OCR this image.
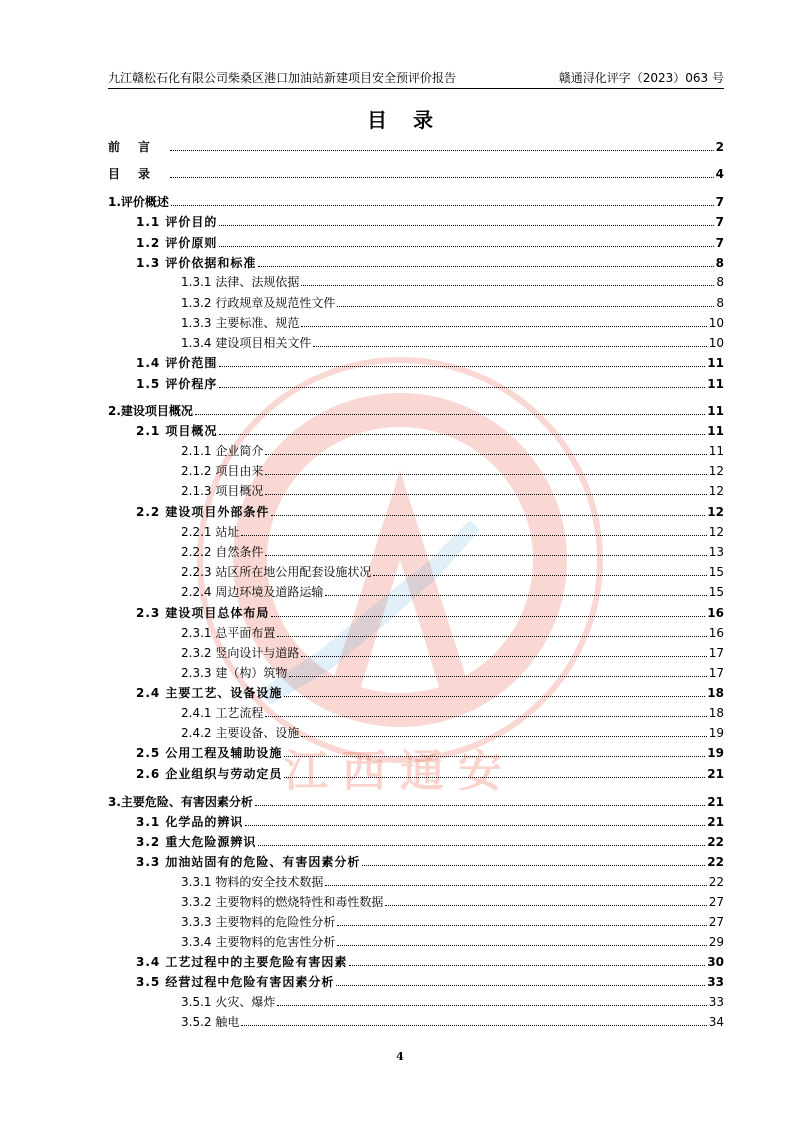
江西通安
九江赣松石化有限公司柴桑区港口加油站新建项目安全预评价报告	赣通浔化评字（2023）063 号
目录
前言	2
目录	4
1.评价概述	7
1.1 评价目的	7
1.2 评价原则	7
1.3 评价依据和标准	8
1.3.1 法律、法规依据	8
1.3.2 行政规章及规范性文件	8
1.3.3 主要标准、规范	10
1.3.4 建设项目相关文件	10
1.4 评价范围	11
1.5 评价程序	11
2.建设项目概况	11
2.1 项目概况	11
2.1.1 企业简介	11
2.1.2 项目由来	12
2.1.3 项目概况	12
2.2 建设项目外部条件	12
2.2.1 站址	12
2.2.2 自然条件	13
2.2.3 站区所在地公用配套设施状况	15
2.2.4 周边环境及道路运输	15
2.3 建设项目总体布局	16
2.3.1 总平面布置	16
2.3.2 竖向设计与道路	17
2.3.3 建（构）筑物	17
2.4 主要工艺、设备设施	18
2.4.1 工艺流程	18
2.4.2 主要设备、设施	19
2.5 公用工程及辅助设施	19
2.6 企业组织与劳动定员	21
3.主要危险、有害因素分析	21
3.1 化学品的辨识	21
3.2 重大危险源辨识	22
3.3 加油站固有的危险、有害因素分析	22
3.3.1 物料的安全技术数据	22
3.3.2 主要物料的燃烧特性和毒性数据	27
3.3.3 主要物料的危险性分析	27
3.3.4 主要物料的危害性分析	29
3.4 工艺过程中的主要危险有害因素	30
3.5 经营过程中危险有害因素分析	33
3.5.1 火灾、爆炸	33
3.5.2 触电	34
4
